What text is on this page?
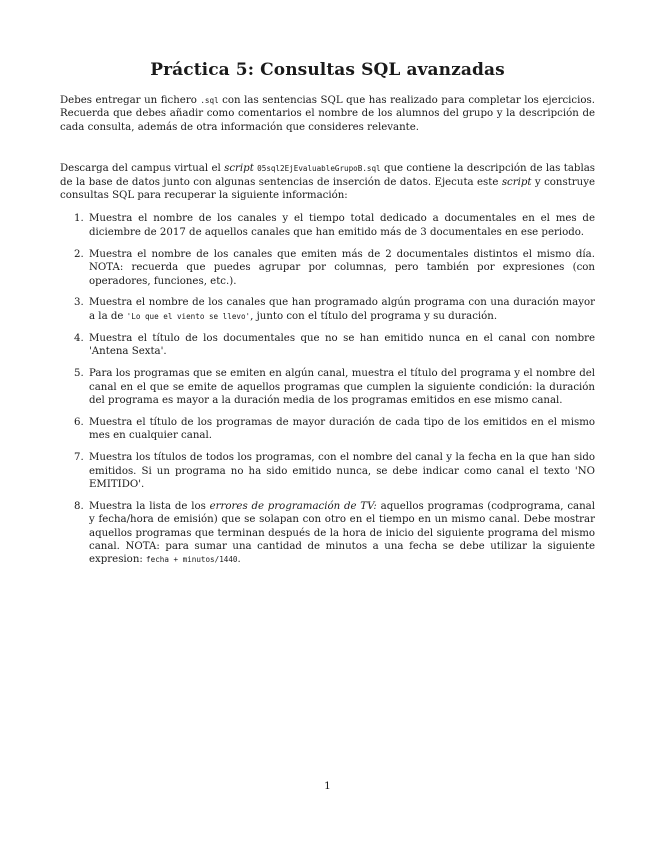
Práctica 5: Consultas SQL avanzadas

Debes entregar un fichero .sql con las sentencias SQL que has realizado para completar los ejercicios. Recuerda que debes añadir como comentarios el nombre de los alumnos del grupo y la descripción de cada consulta, además de otra información que consideres relevante.

Descarga del campus virtual el script 05sql2EjEvaluableGrupoB.sql que contiene la descripción de las tablas de la base de datos junto con algunas sentencias de inserción de datos. Ejecuta este script y construye consultas SQL para recuperar la siguiente información:

1. Muestra el nombre de los canales y el tiempo total dedicado a documentales en el mes de diciembre de 2017 de aquellos canales que han emitido más de 3 documentales en ese periodo.
2. Muestra el nombre de los canales que emiten más de 2 documentales distintos el mismo día. NOTA: recuerda que puedes agrupar por columnas, pero también por expresiones (con operadores, funciones, etc.).
3. Muestra el nombre de los canales que han programado algún programa con una duración mayor a la de 'Lo que el viento se llevo', junto con el título del programa y su duración.
4. Muestra el título de los documentales que no se han emitido nunca en el canal con nombre 'Antena Sexta'.
5. Para los programas que se emiten en algún canal, muestra el título del programa y el nombre del canal en el que se emite de aquellos programas que cumplen la siguiente condición: la duración del programa es mayor a la duración media de los programas emitidos en ese mismo canal.
6. Muestra el título de los programas de mayor duración de cada tipo de los emitidos en el mismo mes en cualquier canal.
7. Muestra los títulos de todos los programas, con el nombre del canal y la fecha en la que han sido emitidos. Si un programa no ha sido emitido nunca, se debe indicar como canal el texto 'NO EMITIDO'.
8. Muestra la lista de los errores de programación de TV: aquellos programas (codprograma, canal y fecha/hora de emisión) que se solapan con otro en el tiempo en un mismo canal. Debe mostrar aquellos programas que terminan después de la hora de inicio del siguiente programa del mismo canal. NOTA: para sumar una cantidad de minutos a una fecha se debe utilizar la siguiente expresion: fecha + minutos/1440.
1
